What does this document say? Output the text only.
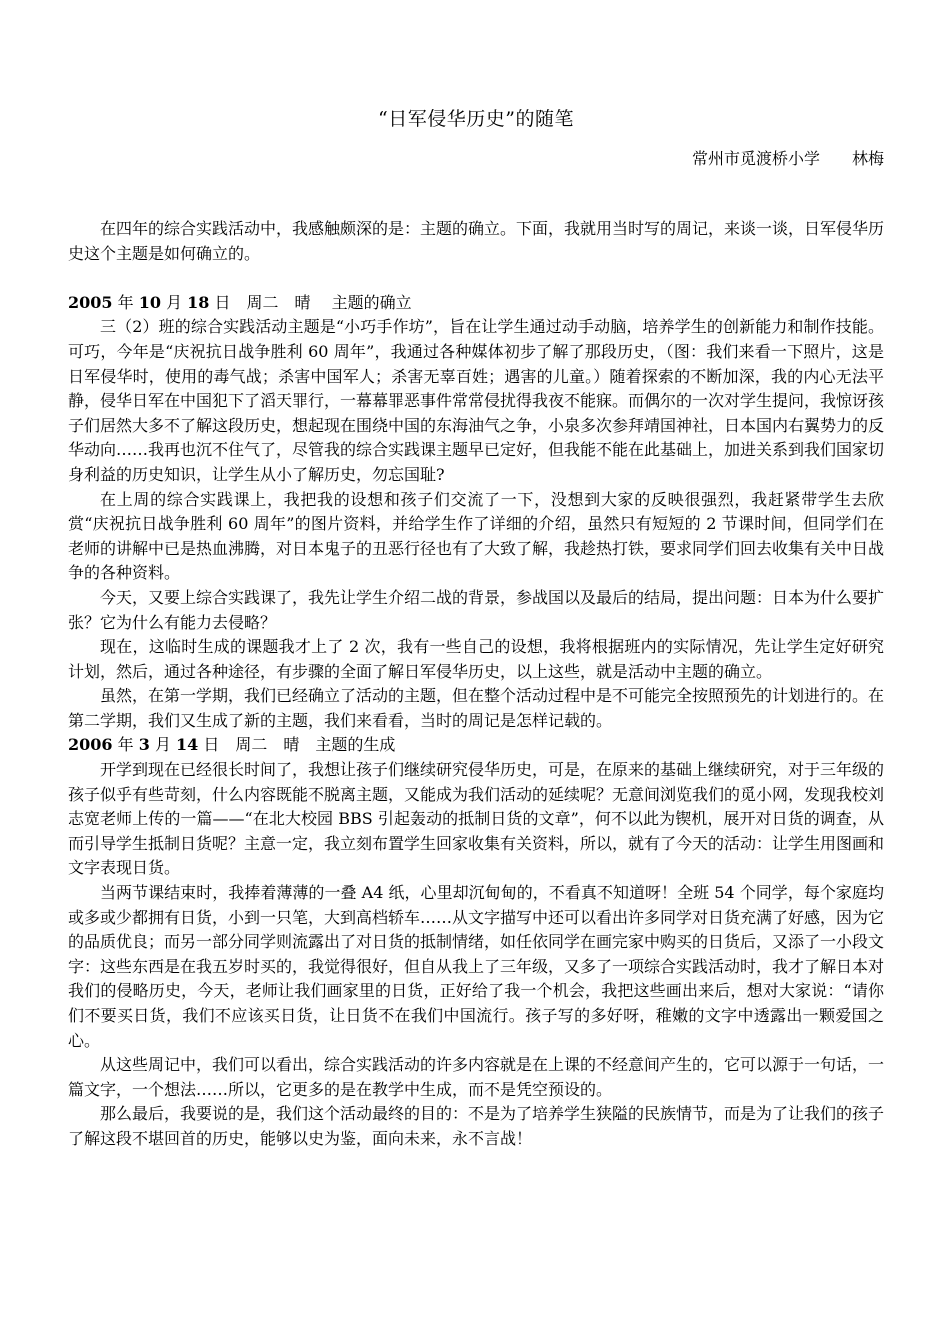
“日军侵华历史”的随笔
常州市觅渡桥小学　　林梅

在四年的综合实践活动中，我感触颇深的是：主题的确立。下面，我就用当时写的周记，来谈一谈，日军侵华历史这个主题是如何确立的。

2005 年 10 月 18 日　周二　晴　 主题的确立

三（2）班的综合实践活动主题是“小巧手作坊”，旨在让学生通过动手动脑，培养学生的创新能力和制作技能。可巧，今年是“庆祝抗日战争胜利 60 周年”，我通过各种媒体初步了解了那段历史，（图：我们来看一下照片，这是日军侵华时，使用的毒气战；杀害中国军人；杀害无辜百姓；遇害的儿童。）随着探索的不断加深，我的内心无法平静，侵华日军在中国犯下了滔天罪行，一幕幕罪恶事件常常侵扰得我夜不能寐。而偶尔的一次对学生提问，我惊讶孩子们居然大多不了解这段历史，想起现在围绕中国的东海油气之争，小泉多次参拜靖国神社，日本国内右翼势力的反华动向……我再也沉不住气了，尽管我的综合实践课主题早已定好，但我能不能在此基础上，加进关系到我们国家切身利益的历史知识，让学生从小了解历史，勿忘国耻?

在上周的综合实践课上，我把我的设想和孩子们交流了一下，没想到大家的反映很强烈，我赶紧带学生去欣赏“庆祝抗日战争胜利 60 周年”的图片资料，并给学生作了详细的介绍，虽然只有短短的 2 节课时间，但同学们在老师的讲解中已是热血沸腾，对日本鬼子的丑恶行径也有了大致了解，我趁热打铁，要求同学们回去收集有关中日战争的各种资料。

今天，又要上综合实践课了，我先让学生介绍二战的背景，参战国以及最后的结局，提出问题：日本为什么要扩张？它为什么有能力去侵略？

现在，这临时生成的课题我才上了 2 次，我有一些自己的设想，我将根据班内的实际情况，先让学生定好研究计划，然后，通过各种途径，有步骤的全面了解日军侵华历史，以上这些，就是活动中主题的确立。

虽然，在第一学期，我们已经确立了活动的主题，但在整个活动过程中是不可能完全按照预先的计划进行的。在第二学期，我们又生成了新的主题，我们来看看，当时的周记是怎样记载的。

2006 年 3 月 14 日　周二　晴　主题的生成

开学到现在已经很长时间了，我想让孩子们继续研究侵华历史，可是，在原来的基础上继续研究，对于三年级的孩子似乎有些苛刻，什么内容既能不脱离主题，又能成为我们活动的延续呢？无意间浏览我们的觅小网，发现我校刘志宽老师上传的一篇——“在北大校园 BBS 引起轰动的抵制日货的文章”，何不以此为锲机，展开对日货的调查，从而引导学生抵制日货呢？主意一定，我立刻布置学生回家收集有关资料，所以，就有了今天的活动：让学生用图画和文字表现日货。

当两节课结束时，我捧着薄薄的一叠 A4 纸，心里却沉甸甸的，不看真不知道呀！全班 54 个同学，每个家庭均或多或少都拥有日货，小到一只笔，大到高档轿车……从文字描写中还可以看出许多同学对日货充满了好感，因为它的品质优良；而另一部分同学则流露出了对日货的抵制情绪，如任依同学在画完家中购买的日货后，又添了一小段文字：这些东西是在我五岁时买的，我觉得很好，但自从我上了三年级，又多了一项综合实践活动时，我才了解日本对我们的侵略历史，今天，老师让我们画家里的日货，正好给了我一个机会，我把这些画出来后，想对大家说：“请你们不要买日货，我们不应该买日货，让日货不在我们中国流行。孩子写的多好呀，稚嫩的文字中透露出一颗爱国之心。

从这些周记中，我们可以看出，综合实践活动的许多内容就是在上课的不经意间产生的，它可以源于一句话，一篇文字，一个想法……所以，它更多的是在教学中生成，而不是凭空预设的。

那么最后，我要说的是，我们这个活动最终的目的：不是为了培养学生狭隘的民族情节，而是为了让我们的孩子了解这段不堪回首的历史，能够以史为鉴，面向未来，永不言战！
